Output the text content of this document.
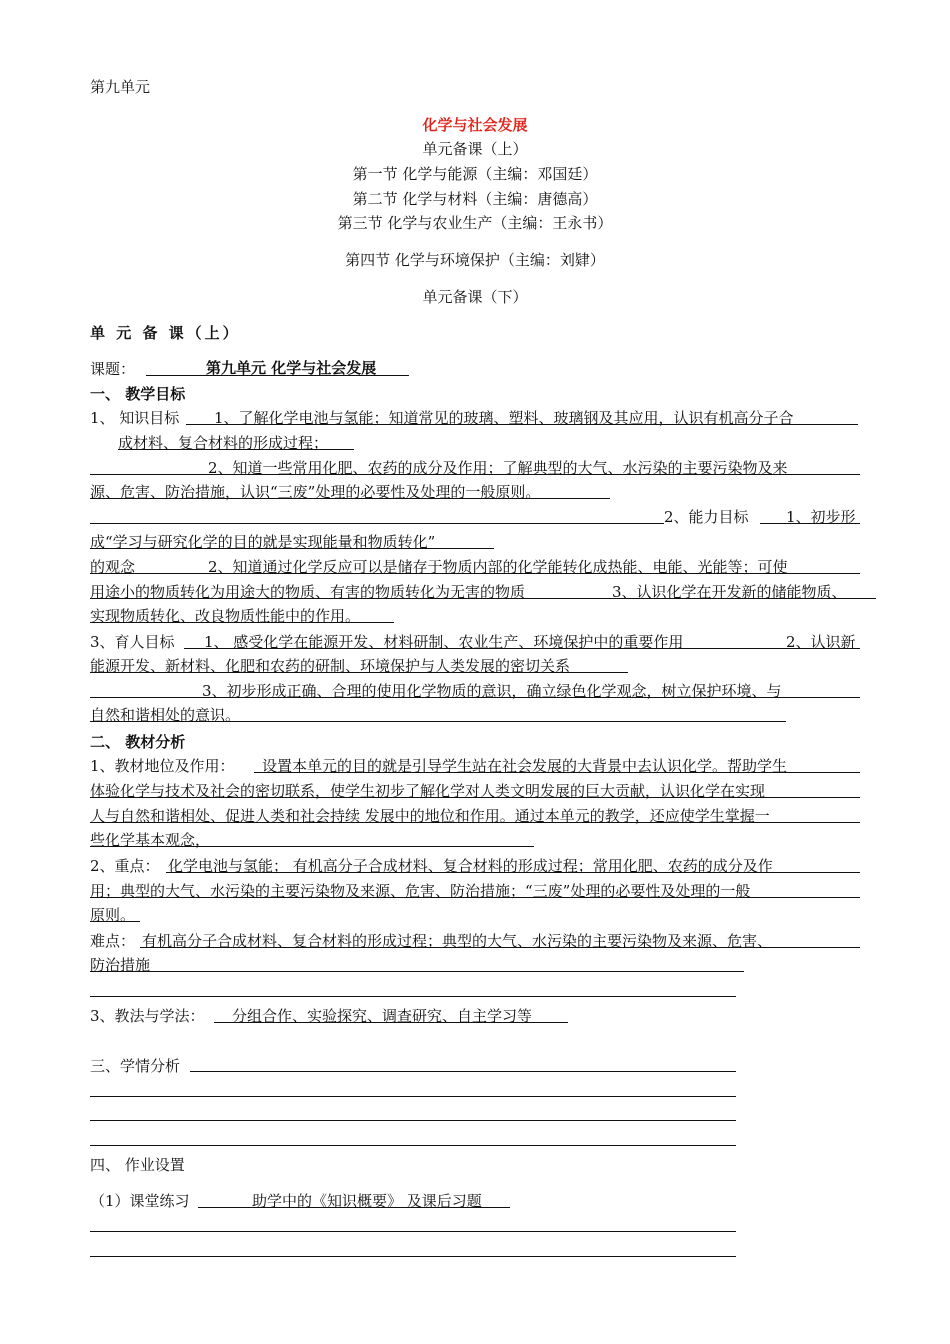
第九单元
化学与社会发展
单元备课（上）
第一节 化学与能源（主编：邓国廷）
第二节 化学与材料（主编：唐德高）
第三节 化学与农业生产（主编：王永书）
第四节 化学与环境保护（主编：刘肄）
单元备课（下）
单 元 备 课（上）
课题：	第九单元 化学与社会发展
一、 教学目标
1、 知识目标 1、了解化学电池与氢能；知道常见的玻璃、塑料、玻璃钢及其应用，认识有机高分子合
成材料、复合材料的形成过程；
2、知道一些常用化肥、农药的成分及作用；了解典型的大气、水污染的主要污染物及来
源、危害、防治措施，认识“三废”处理的必要性及处理的一般原则。
2、能力目标 1、初步形
成“学习与研究化学的目的就是实现能量和物质转化”
的观念	2、知道通过化学反应可以是储存于物质内部的化学能转化成热能、电能、光能等；可使
用途小的物质转化为用途大的物质、有害的物质转化为无害的物质	3、认识化学在开发新的储能物质、
实现物质转化、改良物质性能中的作用。
3、育人目标 1、 感受化学在能源开发、材料研制、农业生产、环境保护中的重要作用	2、认识新
能源开发、新材料、化肥和农药的研制、环境保护与人类发展的密切关系
3、初步形成正确、合理的使用化学物质的意识，确立绿色化学观念，树立保护环境、与
自然和谐相处的意识。
二、 教材分析
1、教材地位及作用： 设置本单元的目的就是引导学生站在社会发展的大背景中去认识化学。帮助学生
体验化学与技术及社会的密切联系，使学生初步了解化学对人类文明发展的巨大贡献，认识化学在实现
人与自然和谐相处、促进人类和社会持续 发展中的地位和作用。通过本单元的教学，还应使学生掌握一
些化学基本观念，
2、重点： 化学电池与氢能； 有机高分子合成材料、复合材料的形成过程；常用化肥、农药的成分及作
用；典型的大气、水污染的主要污染物及来源、危害、防治措施；“三废”处理的必要性及处理的一般
原则。
难点： 有机高分子合成材料、复合材料的形成过程；典型的大气、水污染的主要污染物及来源、危害、
防治措施
3、教法与学法： 分组合作、实验探究、调查研究、自主学习等
三、学情分析
四、 作业设置
（1）课堂练习	助学中的《知识概要》 及课后习题
